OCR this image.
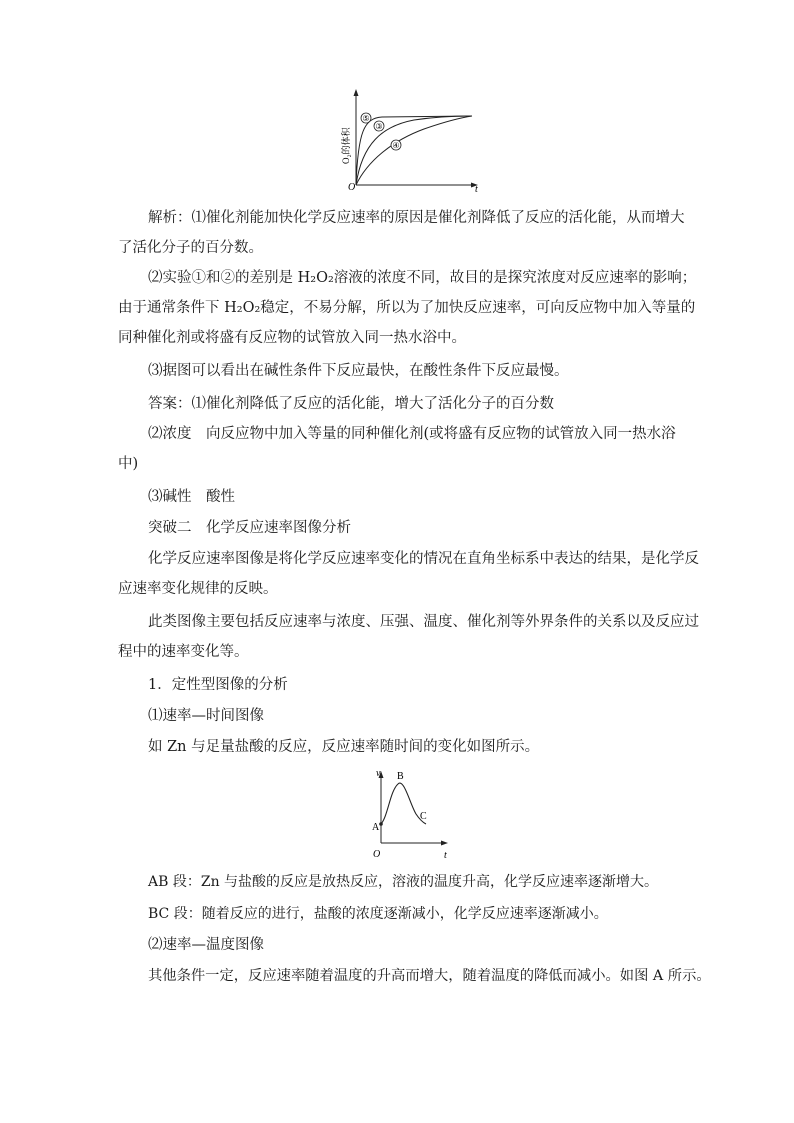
⑤
③
④
O₂的体积
O	t
解析：⑴催化剂能加快化学反应速率的原因是催化剂降低了反应的活化能，从而增大
了活化分子的百分数。
⑵实验①和②的差别是 H₂O₂溶液的浓度不同，故目的是探究浓度对反应速率的影响；
由于通常条件下 H₂O₂稳定，不易分解，所以为了加快反应速率，可向反应物中加入等量的
同种催化剂或将盛有反应物的试管放入同一热水浴中。
⑶据图可以看出在碱性条件下反应最快，在酸性条件下反应最慢。
答案：⑴催化剂降低了反应的活化能，增大了活化分子的百分数
⑵浓度　向反应物中加入等量的同种催化剂(或将盛有反应物的试管放入同一热水浴
中)
⑶碱性　酸性
突破二　化学反应速率图像分析
化学反应速率图像是将化学反应速率变化的情况在直角坐标系中表达的结果，是化学反
应速率变化规律的反映。
此类图像主要包括反应速率与浓度、压强、温度、催化剂等外界条件的关系以及反应过
程中的速率变化等。
1．定性型图像的分析
⑴速率—时间图像
如 Zn 与足量盐酸的反应，反应速率随时间的变化如图所示。
v
A
B
C
O	t
AB 段：Zn 与盐酸的反应是放热反应，溶液的温度升高，化学反应速率逐渐增大。
BC 段：随着反应的进行，盐酸的浓度逐渐减小，化学反应速率逐渐减小。
⑵速率—温度图像
其他条件一定，反应速率随着温度的升高而增大，随着温度的降低而减小。如图 A 所示。
